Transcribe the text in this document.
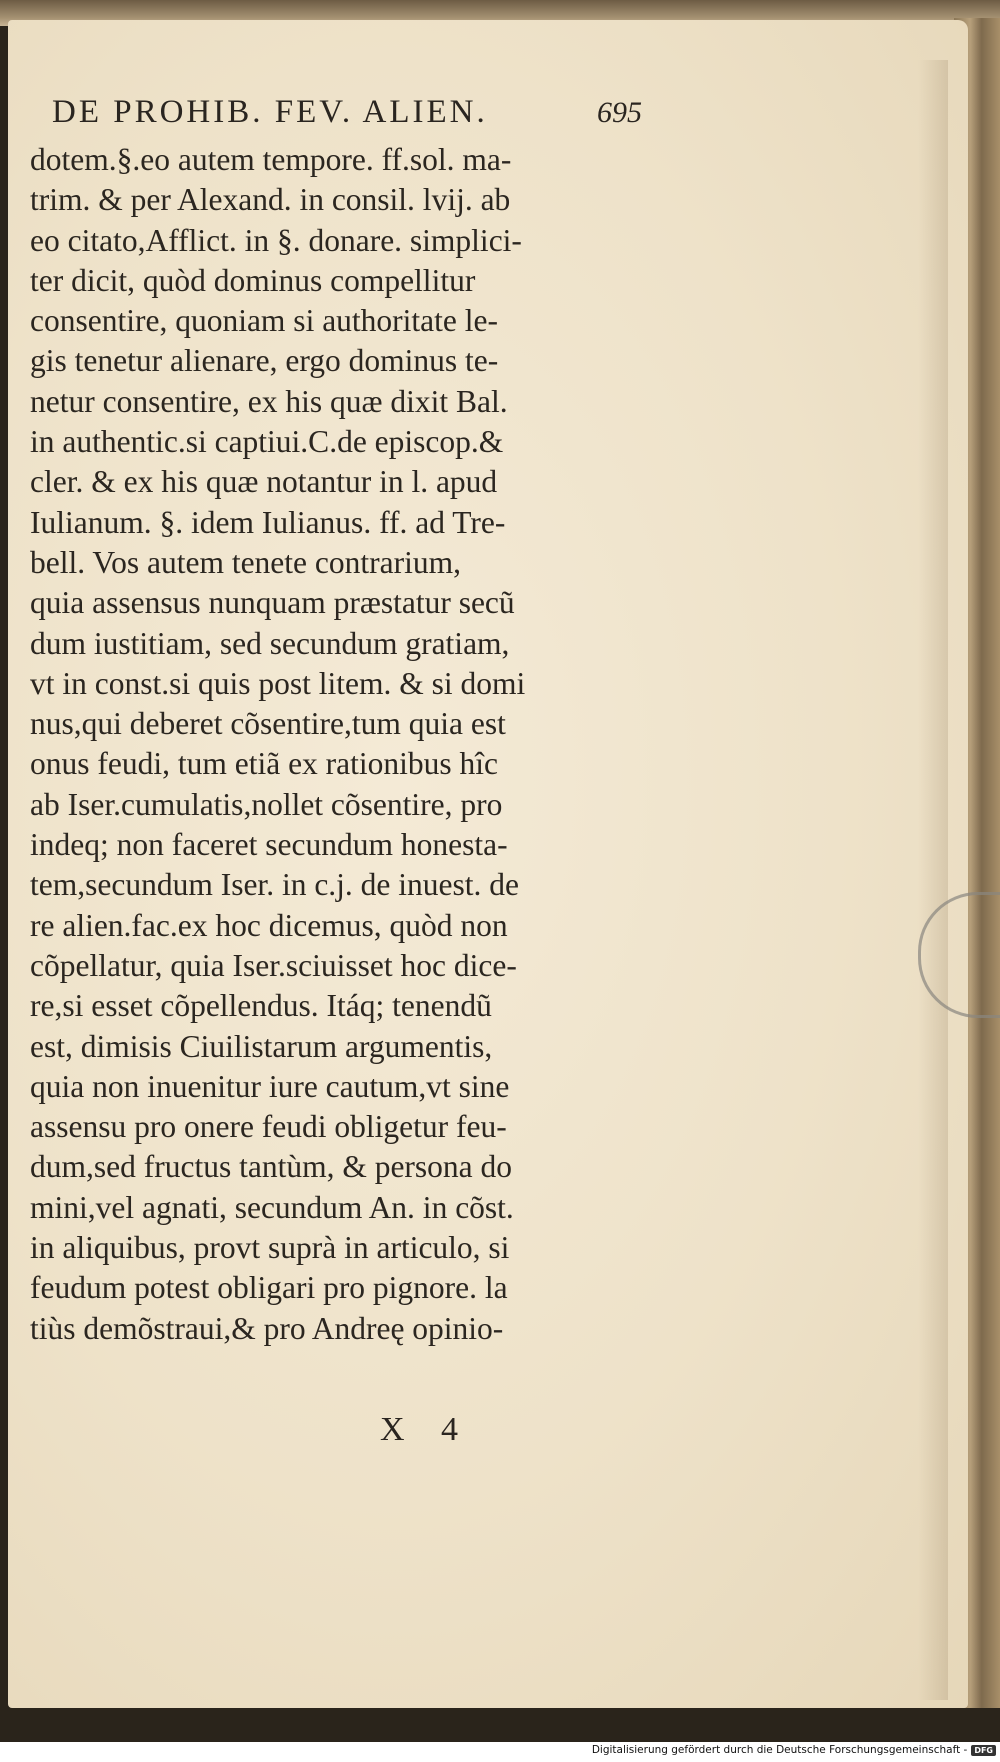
DE PROHIB. FEV. ALIEN.	695
dotem.§.eo autem tempore. ff.sol. ma-
trim. & per Alexand. in consil. lvij. ab
eo citato,Afflict. in §. donare. simplici-
ter dicit, quòd dominus compellitur
consentire, quoniam si authoritate le-
gis tenetur alienare, ergo dominus te-
netur consentire, ex his quæ dixit Bal.
in authentic.si captiui.C.de episcop.&
cler. & ex his quæ notantur in l. apud
Iulianum. §. idem Iulianus. ff. ad Tre-
bell. Vos autem tenete contrarium,
quia assensus nunquam præstatur secũ
dum iustitiam, sed secundum gratiam,
vt in const.si quis post litem. & si domi
nus,qui deberet cõsentire,tum quia est
onus feudi, tum etiã ex rationibus hîc
ab Iser.cumulatis,nollet cõsentire, pro
indeq; non faceret secundum honesta-
tem,secundum Iser. in c.j. de inuest. de
re alien.fac.ex hoc dicemus, quòd non
cõpellatur, quia Iser.sciuisset hoc dice-
re,si esset cõpellendus. Itáq; tenendũ
est, dimisis Ciuilistarum argumentis,
quia non inuenitur iure cautum,vt sine
assensu pro onere feudi obligetur feu-
dum,sed fructus tantùm, & persona do
mini,vel agnati, secundum An. in cõst.
in aliquibus, provt suprà in articulo, si
feudum potest obligari pro pignore. la
tiùs demõstraui,& pro Andreę opinio-
X 4
Digitalisierung gefördert durch die Deutsche Forschungsgemeinschaft - DFG
